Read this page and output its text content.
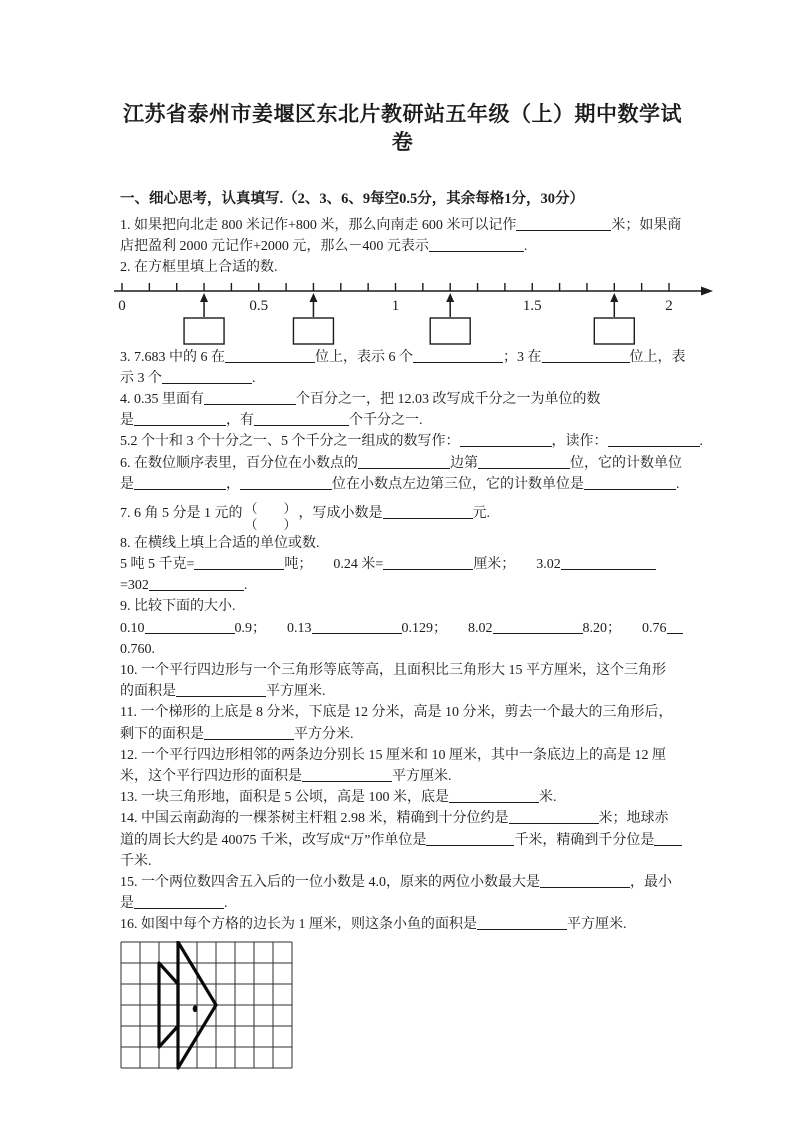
江苏省泰州市姜堰区东北片教研站五年级（上）期中数学试卷
一、细心思考，认真填写.（2、3、6、9每空0.5分，其余每格1分，30分）
1. 如果把向北走 800 米记作+800 米，那么向南走 600 米可以记作	米；如果商
店把盈利 2000 元记作+2000 元，那么－400 元表示	.
2. 在方框里填上合适的数.
0	0.5	1	1.5	2
3. 7.683 中的 6 在	位上，表示 6 个	；3 在	位上，表
示 3 个	.
4. 0.35 里面有	个百分之一，把 12.03 改写成千分之一为单位的数
是	，有	个千分之一.
5.2 个十和 3 个十分之一、5 个千分之一组成的数写作：	，读作：	.
6. 在数位顺序表里，百分位在小数点的	边第	位，它的计数单位
是	，	位在小数点左边第三位，它的计数单位是	.
7. 6 角 5 分是 1 元的 （　　）
（　　）
，写成小数是	元.
8. 在横线上填上合适的单位或数.
5 吨 5 千克=	吨；　　0.24 米=	厘米；　　3.02
=302	.
9. 比较下面的大小.
0.10	0.9；　　0.13	0.129；　　8.02	8.20；　　0.76
0.760.
10. 一个平行四边形与一个三角形等底等高，且面积比三角形大 15 平方厘米，这个三角形
的面积是	平方厘米.
11. 一个梯形的上底是 8 分米，下底是 12 分米，高是 10 分米，剪去一个最大的三角形后，
剩下的面积是	平方分米.
12. 一个平行四边形相邻的两条边分别长 15 厘米和 10 厘米，其中一条底边上的高是 12 厘
米，这个平行四边形的面积是	平方厘米.
13. 一块三角形地，面积是 5 公顷，高是 100 米，底是	米.
14. 中国云南勐海的一棵茶树主杆粗 2.98 米，精确到十分位约是	米；地球赤
道的周长大约是 40075 千米，改写成“万”作单位是	千米，精确到千分位是
千米.
15. 一个两位数四舍五入后的一位小数是 4.0，原来的两位小数最大是	，最小
是	.
16. 如图中每个方格的边长为 1 厘米，则这条小鱼的面积是	平方厘米.
